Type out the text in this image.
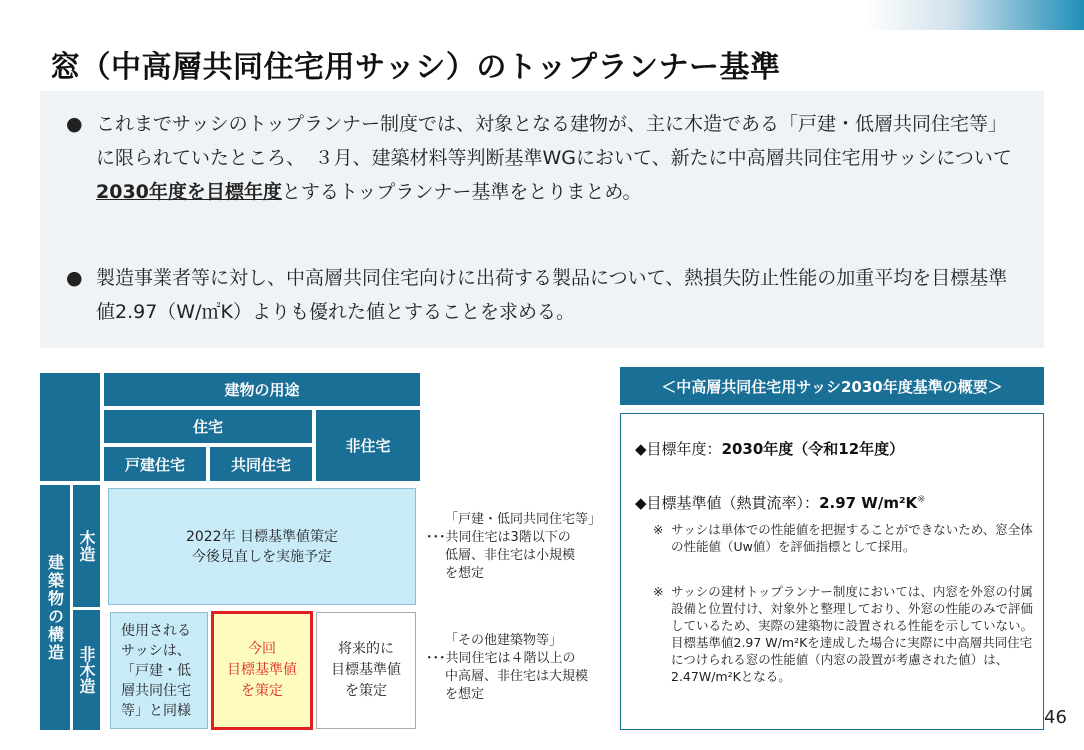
窓（中高層共同住宅用サッシ）のトップランナー基準
● これまでサッシのトップランナー制度では、対象となる建物が、主に木造である「戸建・低層共同住宅等」に限られていたところ、　３月、建築材料等判断基準WGにおいて、新たに中高層共同住宅用サッシについて2030年度を目標年度とするトップランナー基準をとりまとめ。
● 製造事業者等に対し、中高層共同住宅向けに出荷する製品について、熱損失防止性能の加重平均を目標基準値2.97（W/㎡K）よりも優れた値とすることを求める。
建物の用途
住宅
非住宅
戸建住宅	共同住宅
建築物の構造
木造
非木造
2022年 目標基準値策定
今後見直しを実施予定
使用される
サッシは、
「戸建・低
層共同住宅
等」と同様
今回
目標基準値
を策定
将来的に
目標基準値
を策定
「戸建・低同共同住宅等」
･･･共同住宅は3階以下の
低層、非住宅は小規模
を想定
「その他建築物等」
･･･共同住宅は４階以上の
中高層、非住宅は大規模
を想定
＜中高層共同住宅用サッシ2030年度基準の概要＞
◆目標年度：2030年度（令和12年度）
◆目標基準値（熱貫流率）：2.97 W/m²K※
※ サッシは単体での性能値を把握することができないため、窓全体の性能値（Uw値）を評価指標として採用。
※ サッシの建材トップランナー制度においては、内窓を外窓の付属設備と位置付け、対象外と整理しており、外窓の性能のみで評価しているため、実際の建築物に設置される性能を示していない。目標基準値2.97 W/m²Kを達成した場合に実際に中高層共同住宅につけられる窓の性能値（内窓の設置が考慮された値）は、2.47W/m²Kとなる。
46
